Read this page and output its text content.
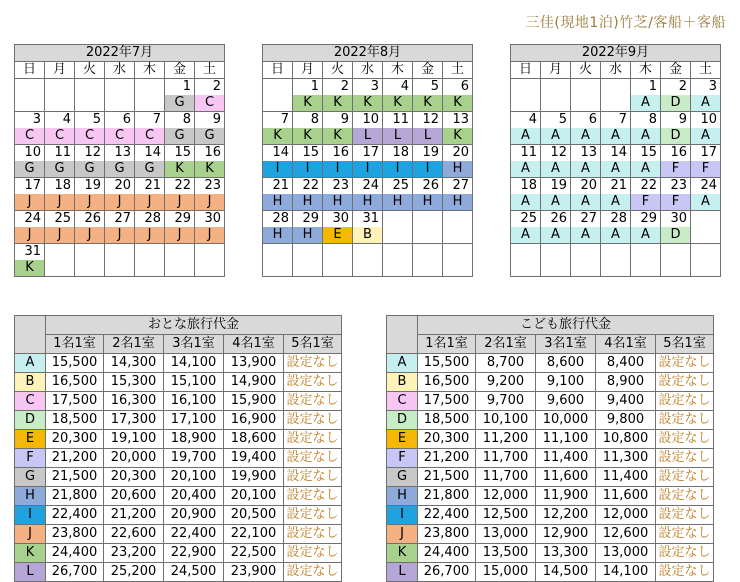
三佳(現地1泊)竹芝/客船＋客船
2022年7月						
日	月	火	水	木	金	土
					1	2
					G	C
3	4	5	6	7	8	9
C	C	C	C	C	G	G
10	11	12	13	14	15	16
G	G	G	G	G	K	K
17	18	19	20	21	22	23
J	J	J	J	J	J	J
24	25	26	27	28	29	30
J	J	J	J	J	J	J
31						
K						
2022年8月						
日	月	火	水	木	金	土
	1	2	3	4	5	6
	K	K	K	K	K	K
7	8	9	10	11	12	13
K	K	K	L	L	L	K
14	15	16	17	18	19	20
I	I	I	I	I	I	H
21	22	23	24	25	26	27
H	H	H	H	H	H	H
28	29	30	31			
H	H	E	B			

2022年9月						
日	月	火	水	木	金	土
				1	2	3
				A	D	A
4	5	6	7	8	9	10
A	A	A	A	A	D	A
11	12	13	14	15	16	17
A	A	A	A	A	F	F
18	19	20	21	22	23	24
A	A	A	A	F	F	A
25	26	27	28	29	30	
A	A	A	A	A	D	

	おとな旅行代金				
	1名1室	2名1室	3名1室	4名1室	5名1室
A	15,500	14,300	14,100	13,900	設定なし
B	16,500	15,300	15,100	14,900	設定なし
C	17,500	16,300	16,100	15,900	設定なし
D	18,500	17,300	17,100	16,900	設定なし
E	20,300	19,100	18,900	18,600	設定なし
F	21,200	20,000	19,700	19,400	設定なし
G	21,500	20,300	20,100	19,900	設定なし
H	21,800	20,600	20,400	20,100	設定なし
I	22,400	21,200	20,900	20,500	設定なし
J	23,800	22,600	22,400	22,100	設定なし
K	24,400	23,200	22,900	22,500	設定なし
L	26,700	25,200	24,500	23,900	設定なし
	こども旅行代金				
	1名1室	2名1室	3名1室	4名1室	5名1室
A	15,500	8,700	8,600	8,400	設定なし
B	16,500	9,200	9,100	8,900	設定なし
C	17,500	9,700	9,600	9,400	設定なし
D	18,500	10,100	10,000	9,800	設定なし
E	20,300	11,200	11,100	10,800	設定なし
F	21,200	11,700	11,400	11,300	設定なし
G	21,500	11,700	11,600	11,400	設定なし
H	21,800	12,000	11,900	11,600	設定なし
I	22,400	12,500	12,200	12,000	設定なし
J	23,800	13,000	12,900	12,600	設定なし
K	24,400	13,500	13,300	13,000	設定なし
L	26,700	15,000	14,500	14,100	設定なし
